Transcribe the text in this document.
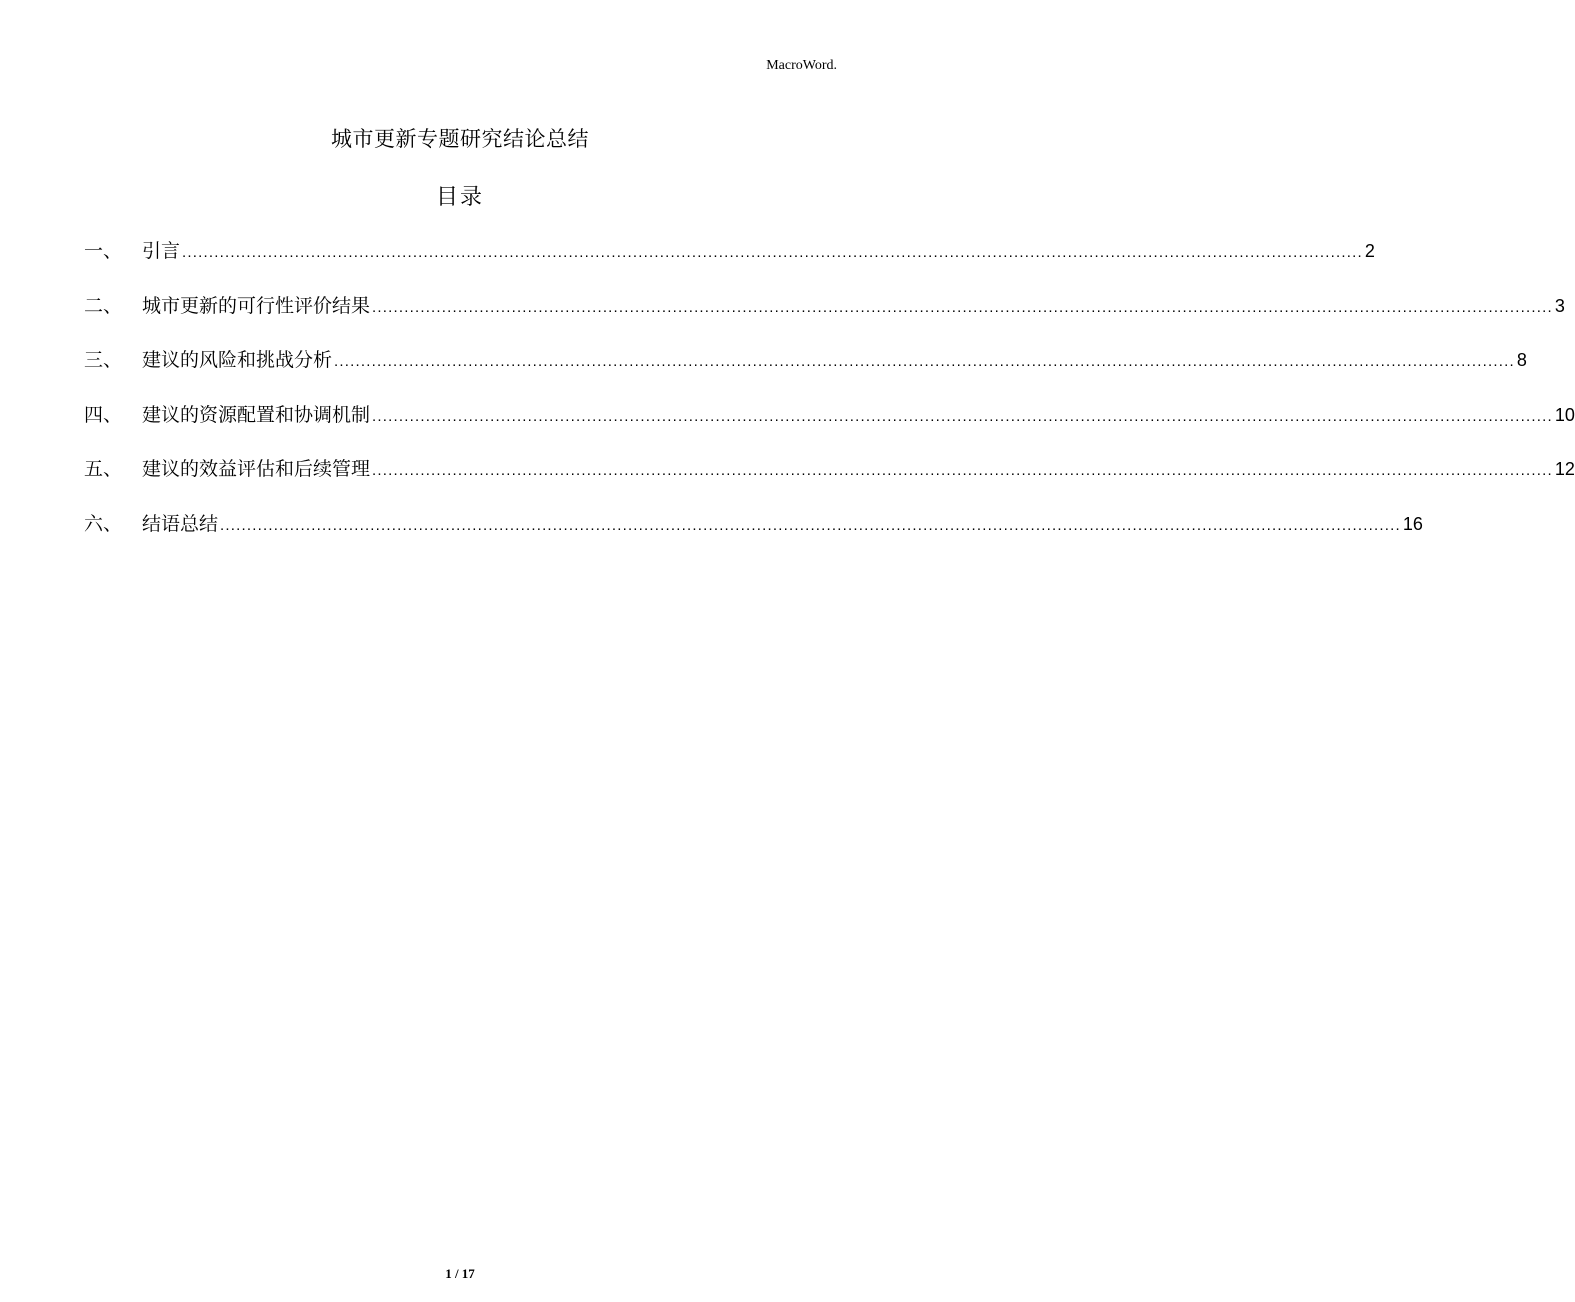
MacroWord.
城市更新专题研究结论总结
目录
一、	引言 ............................................................................................................................................................................................................................ 2
二、	城市更新的可行性评价结果 ............................................................................................................................................................................................................................ 3
三、	建议的风险和挑战分析 ............................................................................................................................................................................................................................ 8
四、	建议的资源配置和协调机制 ............................................................................................................................................................................................................................ 10
五、	建议的效益评估和后续管理 ............................................................................................................................................................................................................................ 12
六、	结语总结 ............................................................................................................................................................................................................................ 16
1 / 17
